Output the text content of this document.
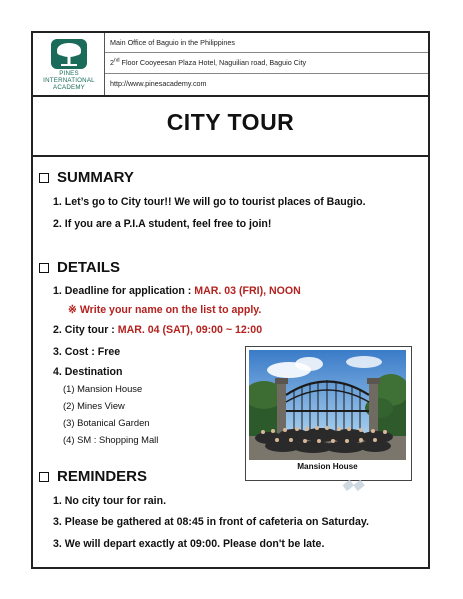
PINES
INTERNATIONAL
ACADEMY
Main Office of Baguio in the Philippines
2nd Floor Cooyeesan Plaza Hotel, Naguilian road, Baguio City
http://www.pinesacademy.com
CITY TOUR
SUMMARY
1. Let’s go to City tour!! We will go to tourist places of Baugio.
2. If you are a P.I.A student, feel free to join!
DETAILS
1. Deadline for application : MAR. 03 (FRI), NOON
※ Write your name on the list to apply.
2. City tour : MAR. 04 (SAT), 09:00 ~ 12:00
3. Cost : Free
4. Destination
(1) Mansion House
(2) Mines View
(3) Botanical Garden
(4) SM : Shopping Mall
Mansion House
REMINDERS
1. No city tour for rain.
3. Please be gathered at 08:45 in front of cafeteria on Saturday.
3. We will depart exactly at 09:00. Please don't be late.
◆◆
